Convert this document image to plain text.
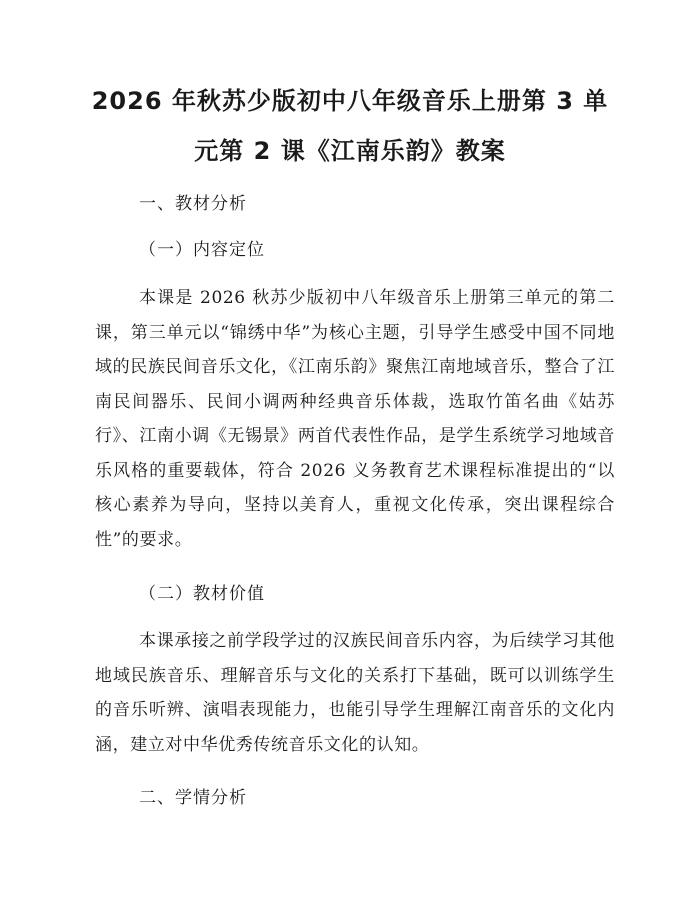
2026 年秋苏少版初中八年级音乐上册第 3 单
元第 2 课《江南乐韵》教案
一、教材分析
（一）内容定位
本课是 2026 秋苏少版初中八年级音乐上册第三单元的第二课，第三单元以“锦绣中华”为核心主题，引导学生感受中国不同地域的民族民间音乐文化，《江南乐韵》聚焦江南地域音乐，整合了江南民间器乐、民间小调两种经典音乐体裁，选取竹笛名曲《姑苏行》、江南小调《无锡景》两首代表性作品，是学生系统学习地域音乐风格的重要载体，符合 2026 义务教育艺术课程标准提出的“以核心素养为导向，坚持以美育人，重视文化传承，突出课程综合性”的要求。
（二）教材价值
本课承接之前学段学过的汉族民间音乐内容，为后续学习其他地域民族音乐、理解音乐与文化的关系打下基础，既可以训练学生的音乐听辨、演唱表现能力，也能引导学生理解江南音乐的文化内涵，建立对中华优秀传统音乐文化的认知。
二、学情分析
